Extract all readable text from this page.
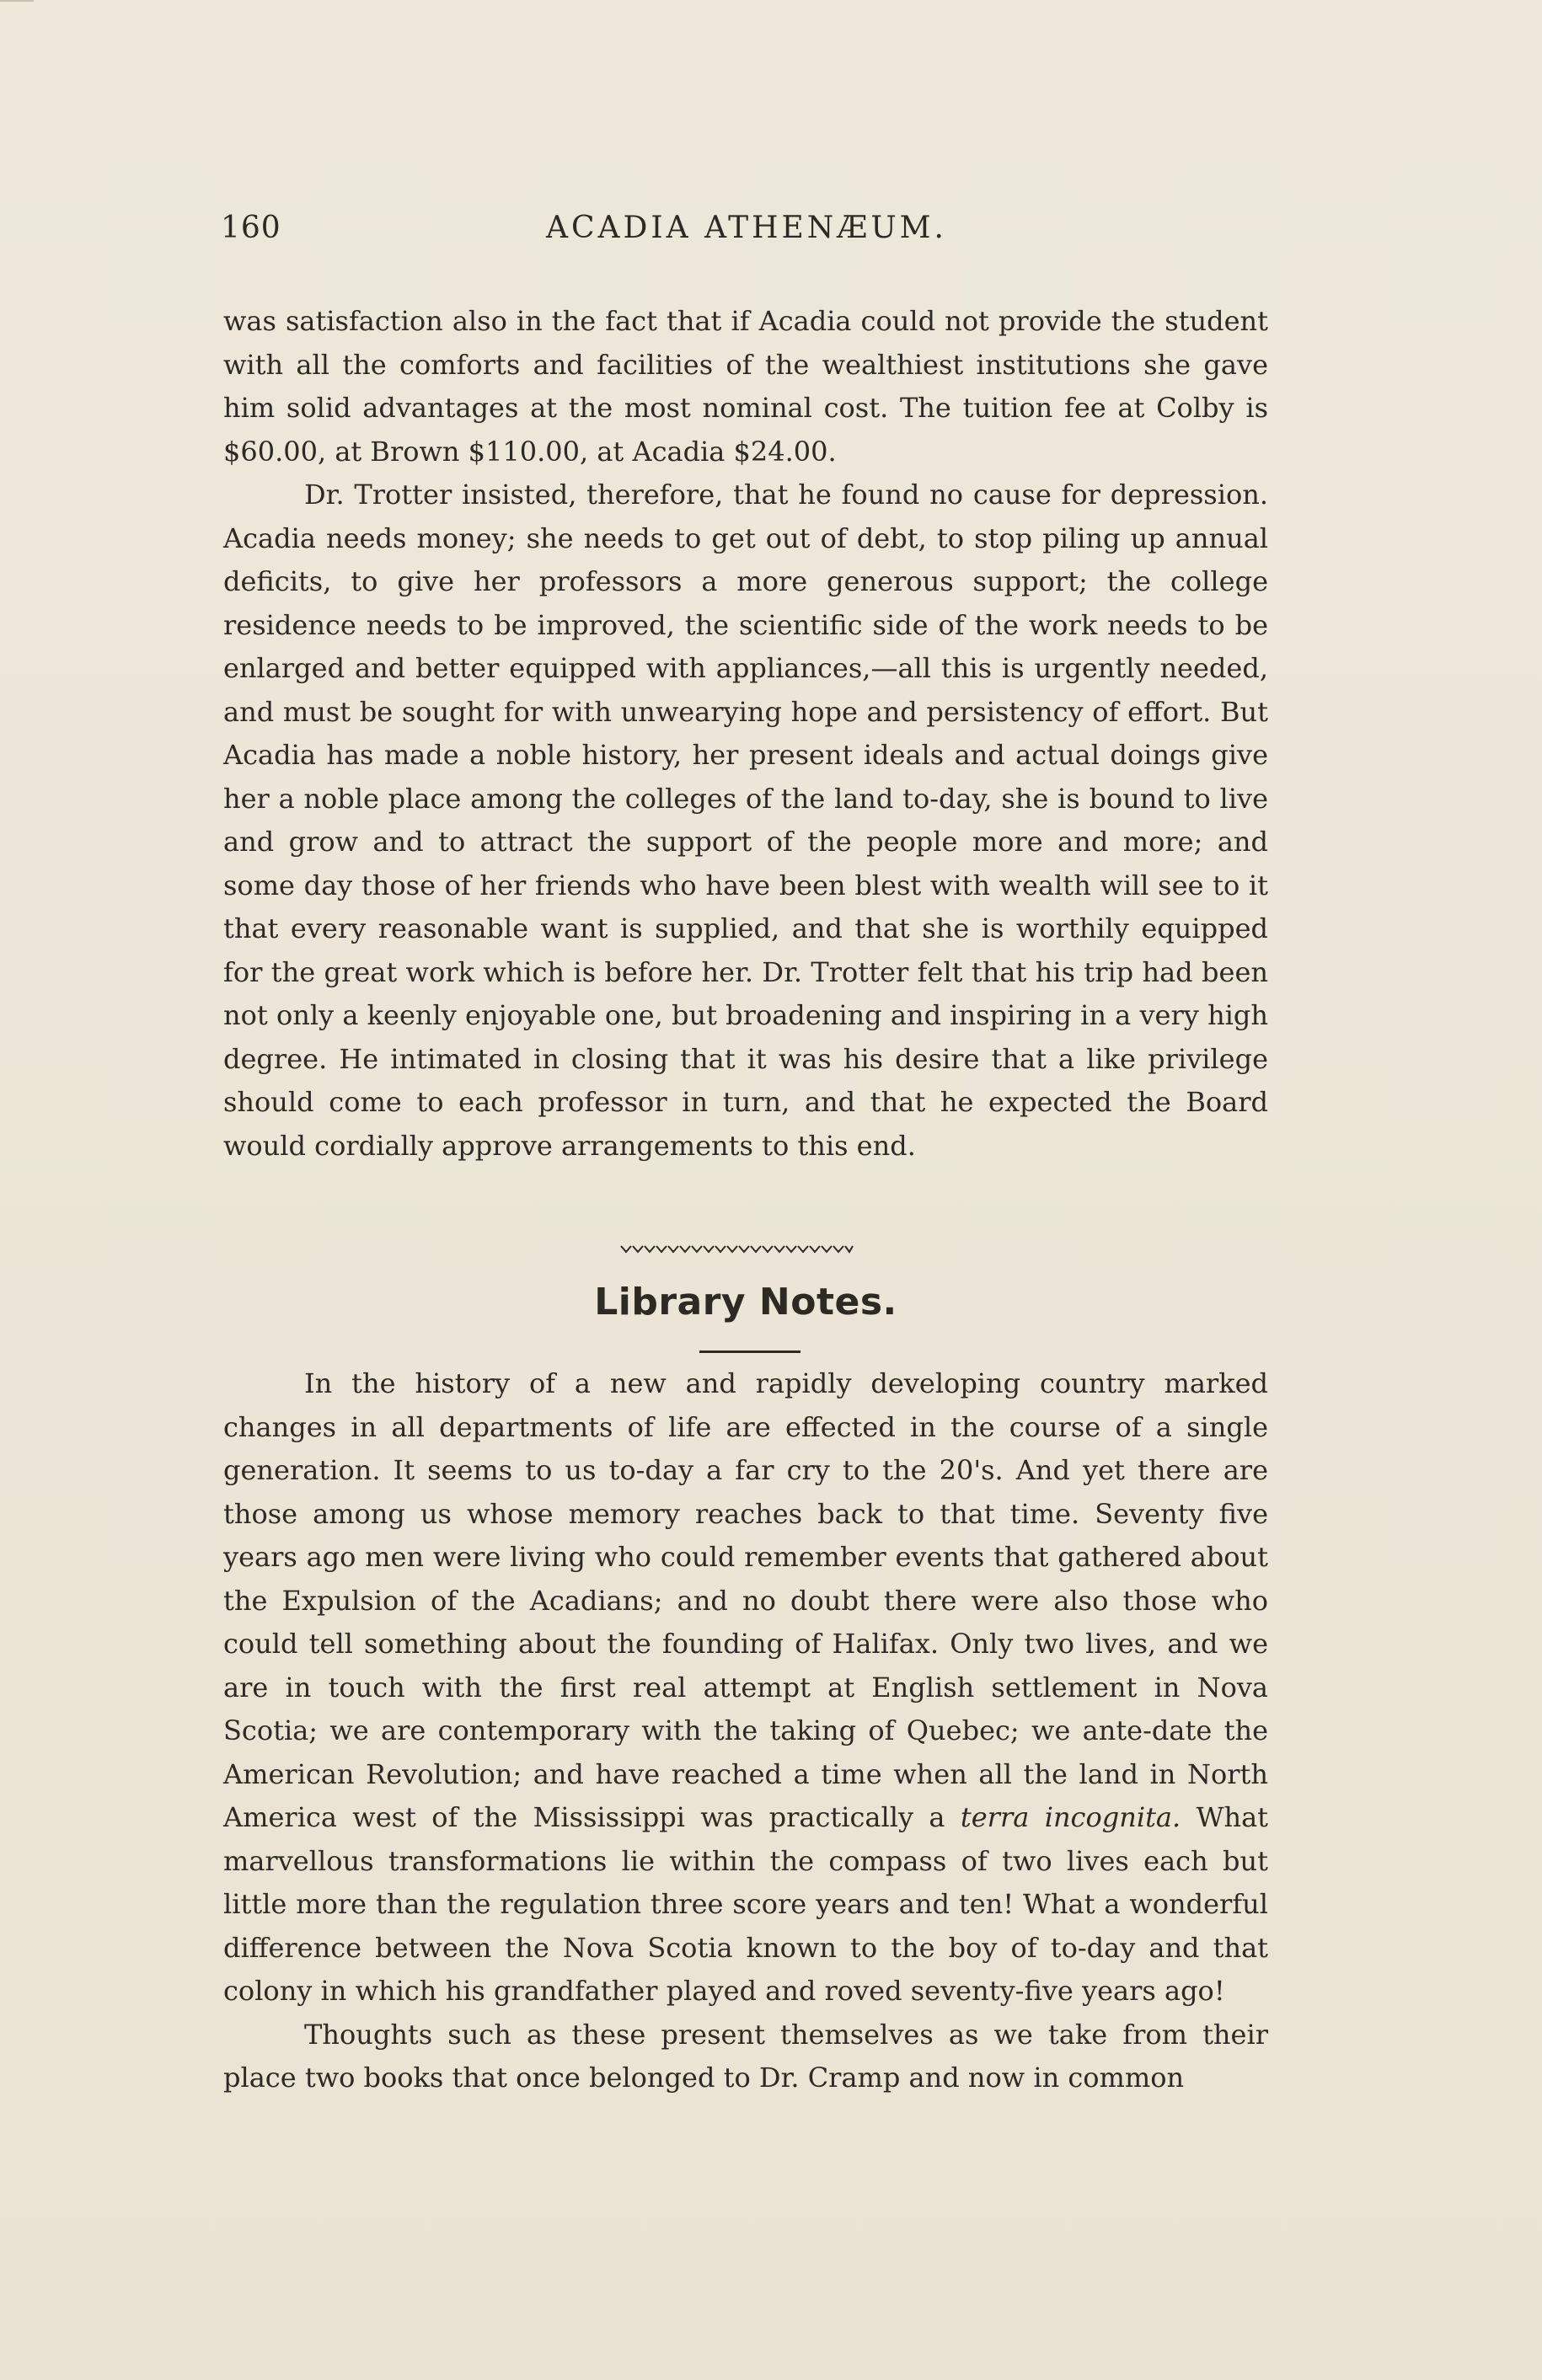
160	ACADIA ATHENÆUM.

was satisfaction also in the fact that if Acadia could not provide the student with all the comforts and facilities of the wealthiest institutions she gave him solid advantages at the most nominal cost. The tuition fee at Colby is $60.00, at Brown $110.00, at Acadia $24.00.

Dr. Trotter insisted, therefore, that he found no cause for depression. Acadia needs money; she needs to get out of debt, to stop piling up annual deficits, to give her professors a more generous support; the college residence needs to be improved, the scientific side of the work needs to be enlarged and better equipped with appliances,—all this is urgently needed, and must be sought for with unwearying hope and persistency of effort. But Acadia has made a noble history, her present ideals and actual doings give her a noble place among the colleges of the land to-day, she is bound to live and grow and to attract the support of the people more and more; and some day those of her friends who have been blest with wealth will see to it that every reasonable want is supplied, and that she is worthily equipped for the great work which is before her. Dr. Trotter felt that his trip had been not only a keenly enjoyable one, but broadening and inspiring in a very high degree. He intimated in closing that it was his desire that a like privilege should come to each professor in turn, and that he expected the Board would cordially approve arrangements to this end.

Library Notes.

In the history of a new and rapidly developing country marked changes in all departments of life are effected in the course of a single generation. It seems to us to-day a far cry to the 20's. And yet there are those among us whose memory reaches back to that time. Seventy five years ago men were living who could remember events that gathered about the Expulsion of the Acadians; and no doubt there were also those who could tell something about the founding of Halifax. Only two lives, and we are in touch with the first real attempt at English settlement in Nova Scotia; we are contemporary with the taking of Quebec; we ante-date the American Revolution; and have reached a time when all the land in North America west of the Mississippi was practically a terra incognita. What marvellous transformations lie within the compass of two lives each but little more than the regulation three score years and ten! What a wonderful difference between the Nova Scotia known to the boy of to-day and that colony in which his grandfather played and roved seventy-five years ago!

Thoughts such as these present themselves as we take from their place two books that once belonged to Dr. Cramp and now in common
